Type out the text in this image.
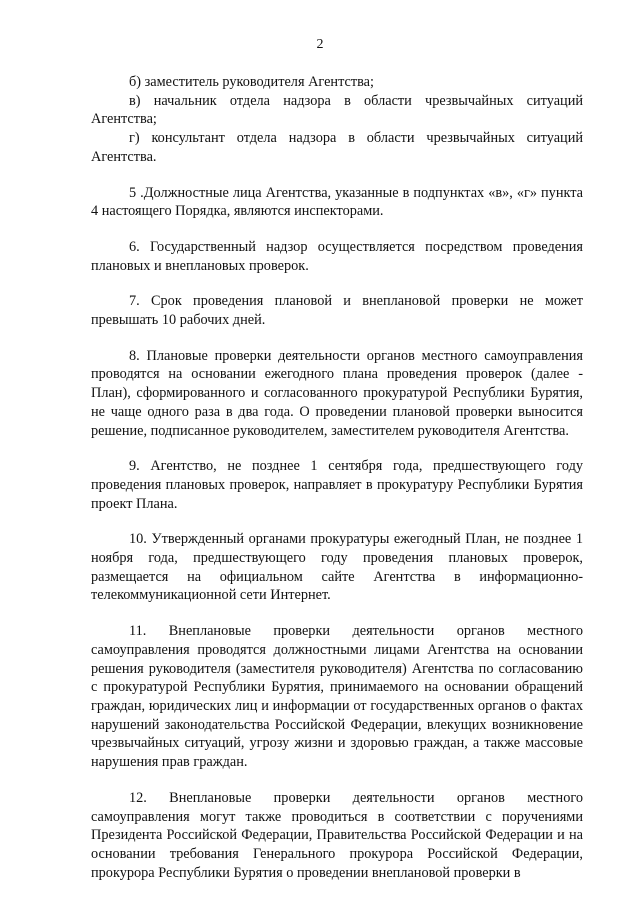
2

б) заместитель руководителя Агентства;

в) начальник отдела надзора в области чрезвычайных ситуаций Агентства;

г) консультант отдела надзора в области чрезвычайных ситуаций Агентства.

5 .Должностные лица Агентства, указанные в подпунктах «в», «г» пункта 4 настоящего Порядка, являются инспекторами.

6. Государственный надзор осуществляется посредством проведения плановых и внеплановых проверок.

7. Срок проведения плановой и внеплановой проверки не может превышать 10 рабочих дней.

8. Плановые проверки деятельности органов местного самоуправления проводятся на основании ежегодного плана проведения проверок (далее - План), сформированного и согласованного прокуратурой Республики Бурятия, не чаще одного раза в два года. О проведении плановой проверки выносится решение, подписанное руководителем, заместителем руководителя Агентства.

9. Агентство, не позднее 1 сентября года, предшествующего году проведения плановых проверок, направляет в прокуратуру Республики Бурятия проект Плана.

10. Утвержденный органами прокуратуры ежегодный План, не позднее 1 ноября года, предшествующего году проведения плановых проверок, размещается на официальном сайте Агентства в информационно-телекоммуникационной сети Интернет.

11. Внеплановые проверки деятельности органов местного самоуправления проводятся должностными лицами Агентства на основании решения руководителя (заместителя руководителя) Агентства по согласованию с прокуратурой Республики Бурятия, принимаемого на основании обращений граждан, юридических лиц и информации от государственных органов о фактах нарушений законодательства Российской Федерации, влекущих возникновение чрезвычайных ситуаций, угрозу жизни и здоровью граждан, а также массовые нарушения прав граждан.

12. Внеплановые проверки деятельности органов местного самоуправления могут также проводиться в соответствии с поручениями Президента Российской Федерации, Правительства Российской Федерации и на основании требования Генерального прокурора Российской Федерации, прокурора Республики Бурятия о проведении внеплановой проверки в
